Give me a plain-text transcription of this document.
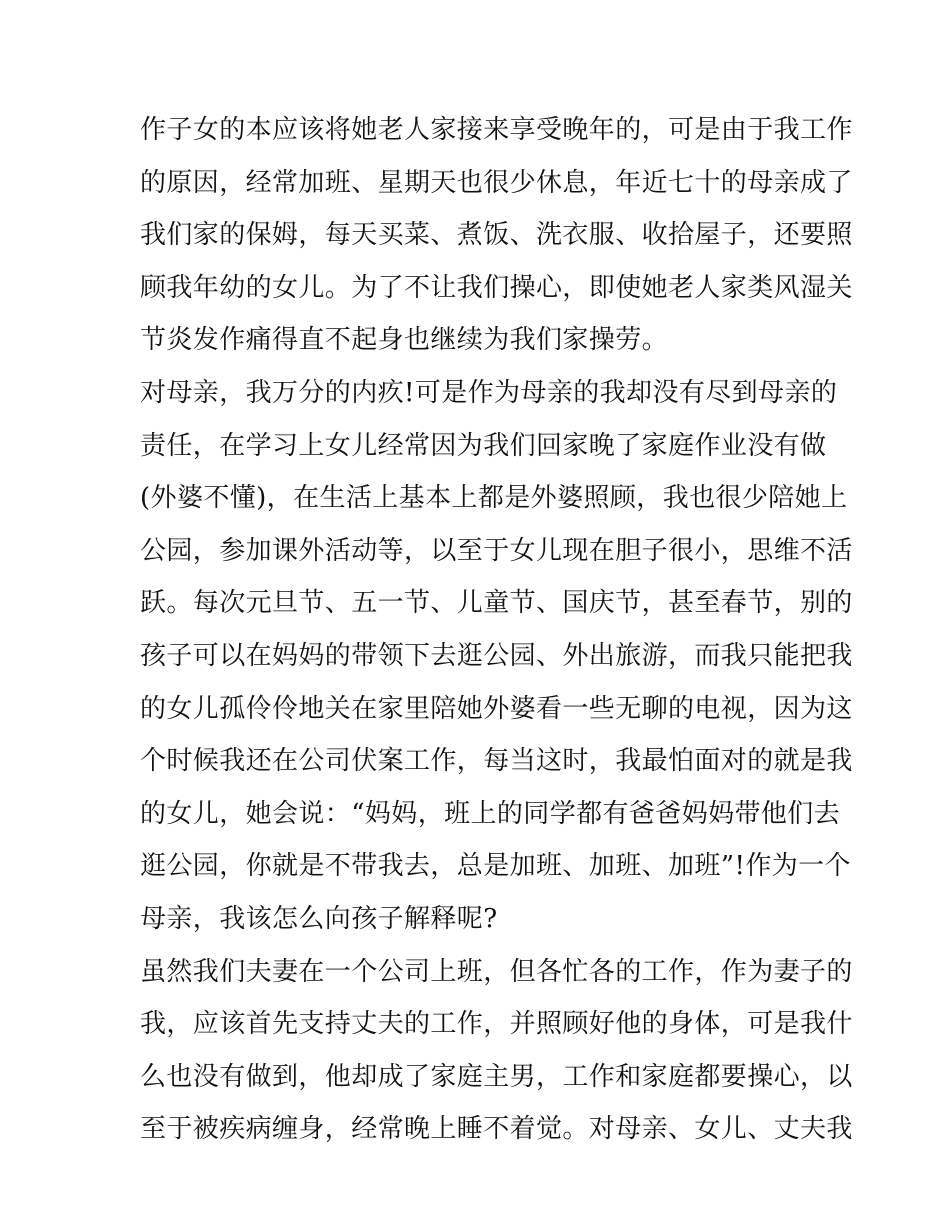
作子女的本应该将她老人家接来享受晚年的，可是由于我工作
的原因，经常加班、星期天也很少休息，年近七十的母亲成了
我们家的保姆，每天买菜、煮饭、洗衣服、收拾屋子，还要照
顾我年幼的女儿。为了不让我们操心，即使她老人家类风湿关
节炎发作痛得直不起身也继续为我们家操劳。
对母亲，我万分的内疚!可是作为母亲的我却没有尽到母亲的
责任，在学习上女儿经常因为我们回家晚了家庭作业没有做
(外婆不懂)，在生活上基本上都是外婆照顾，我也很少陪她上
公园，参加课外活动等，以至于女儿现在胆子很小，思维不活
跃。每次元旦节、五一节、儿童节、国庆节，甚至春节，别的
孩子可以在妈妈的带领下去逛公园、外出旅游，而我只能把我
的女儿孤伶伶地关在家里陪她外婆看一些无聊的电视，因为这
个时候我还在公司伏案工作，每当这时，我最怕面对的就是我
的女儿，她会说：“妈妈，班上的同学都有爸爸妈妈带他们去
逛公园，你就是不带我去，总是加班、加班、加班”!作为一个
母亲，我该怎么向孩子解释呢?
虽然我们夫妻在一个公司上班，但各忙各的工作，作为妻子的
我，应该首先支持丈夫的工作，并照顾好他的身体，可是我什
么也没有做到，他却成了家庭主男，工作和家庭都要操心，以
至于被疾病缠身，经常晚上睡不着觉。对母亲、女儿、丈夫我
